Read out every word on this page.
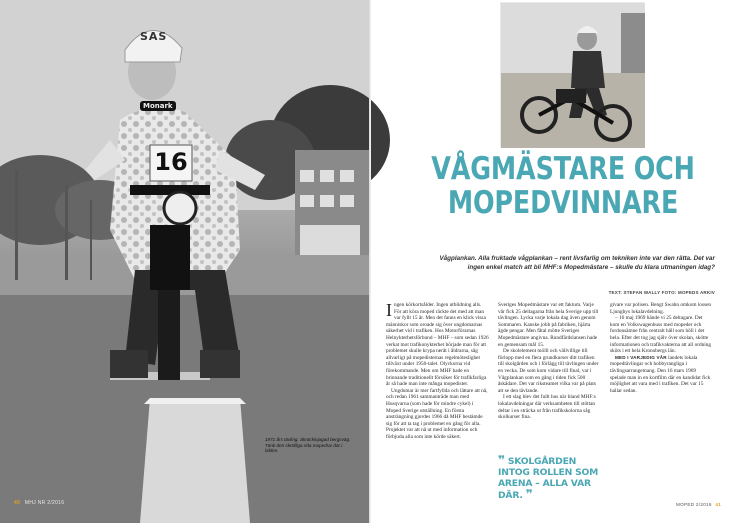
16
Monark
SAS
1971 års tävling. Skräckinjagad bergsväg. Tänk den skröfliga rida moped!ar där i bilden.
40 MHJ NR 2/2016
VÅGMÄSTARE OCH
MOPEDVINNARE
Vågplankan. Alla fruktade vågplankan – rent livsfarlig om tekniken inte var den rätta. Det var ingen enkel match att bli MHF:s Mopedmästare – skulle du klara utmaningen idag?
TEXT: STEFAN WALLY FOTO: MOPEDS ARKIV

Ingen körkortsålder. Ingen utbildning alls. För att köra moped räckte det med att man var fyllt 15 år. Men det fanns en klick vissa människor som oroade sig över ungdomarnas säkerhet vid i trafiken. Hos Motorförarnas Helnykterhetsförbund – MHF – som sedan 1926 verkat mot trafikonykterhet började man för att problemet skulle krypa neråt i åldrarna, såg allvarligt på mopedisternas regelmöteslighet tillväxt under 1950-talet. Olyckorna vid förekommande. Men om MHF hade en brinnande traditionellt försöker för trafikfarliga år så hade man inte många mopedister.

Ungdomar är mer fartfyllda och lättare att nå, och redan 1961 sammanträde man med Husqvarna (som hade för mindre cykel) i Moped Sverige utställning. En första ansträngning gjordes 1966 då MHF bestämde sig för att ta tag i problemet en gång för alla. Projektet var att nå ut med information och förbjuda alla som inte körde säkert.

Sveriges Mopedmästare var ett faktum. Varje vår fick 25 deltagarna från hela Sverige upp till tävlingen. Lycka varje lokala dag även genom Sommaren. Kanske jobb på fabriken, hjärta ägde pengar. Men fåtal mötte Sveriges Mopedmästare angivna. Rundfärdslansen hade en gemensam mål 15.

De skolelement mölll och vällvillige till förlopp med en flera grundkurser ditt trafiken till skolgården och i förlägg till tävlingen under en vecka. De som kom vidare till final, var i Vågplankan som en gång i tiden fick 500 åskådare. Det var riksteamet vilka var på plats att se den tävlande.

I ett slag blev det fullt hus när bland MHF:s lokalavdelningar där verksamheten till stöttan deltar i en sträcka ut från trafikskolorna såg skolkurser fina.

❞ SKOLGÅRDEN INTOG ROLLEN SOM ARENA – ALLA VAR DÄR. ❞

givare var polisen. Bengt Swahn omkom lossen Ljungbys lokalavdelning.

– 16 maj 1969 hände vi 25 deltagare. Det kom en Volkswagenbuss med mopeder och fordonsämne från centralt håll som höll i det hela. Efter det tog jag själv över skolan, skötte informationen och trafikvakterna att all ordning sköts i ett hela Kronobergs län.

MED I VARJEDIG VÅR landets lokala mopedtävlingar och hobbyrangliga i tävlingsarrangemang. Den 16 mars 1969 spelade man in en kortfilm där en kandidat fick möjlighet att vara med i trafiken. Det var 15 hallar sedan.

MOPED 2/2016 41
